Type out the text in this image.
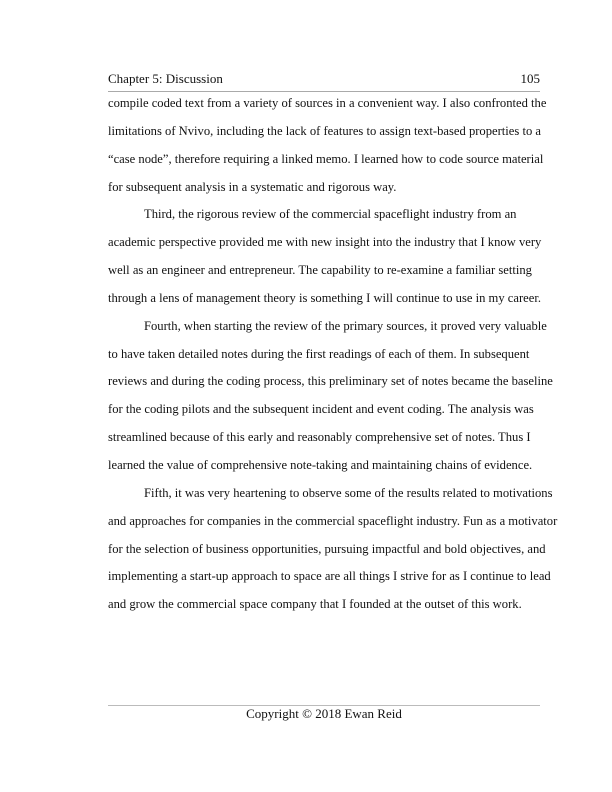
Chapter 5: Discussion	105
compile coded text from a variety of sources in a convenient way. I also confronted the
limitations of Nvivo, including the lack of features to assign text-based properties to a
“case node”, therefore requiring a linked memo. I learned how to code source material
for subsequent analysis in a systematic and rigorous way.
Third, the rigorous review of the commercial spaceflight industry from an
academic perspective provided me with new insight into the industry that I know very
well as an engineer and entrepreneur. The capability to re-examine a familiar setting
through a lens of management theory is something I will continue to use in my career.
Fourth, when starting the review of the primary sources, it proved very valuable
to have taken detailed notes during the first readings of each of them. In subsequent
reviews and during the coding process, this preliminary set of notes became the baseline
for the coding pilots and the subsequent incident and event coding. The analysis was
streamlined because of this early and reasonably comprehensive set of notes. Thus I
learned the value of comprehensive note-taking and maintaining chains of evidence.
Fifth, it was very heartening to observe some of the results related to motivations
and approaches for companies in the commercial spaceflight industry. Fun as a motivator
for the selection of business opportunities, pursuing impactful and bold objectives, and
implementing a start-up approach to space are all things I strive for as I continue to lead
and grow the commercial space company that I founded at the outset of this work.
Copyright © 2018 Ewan Reid
